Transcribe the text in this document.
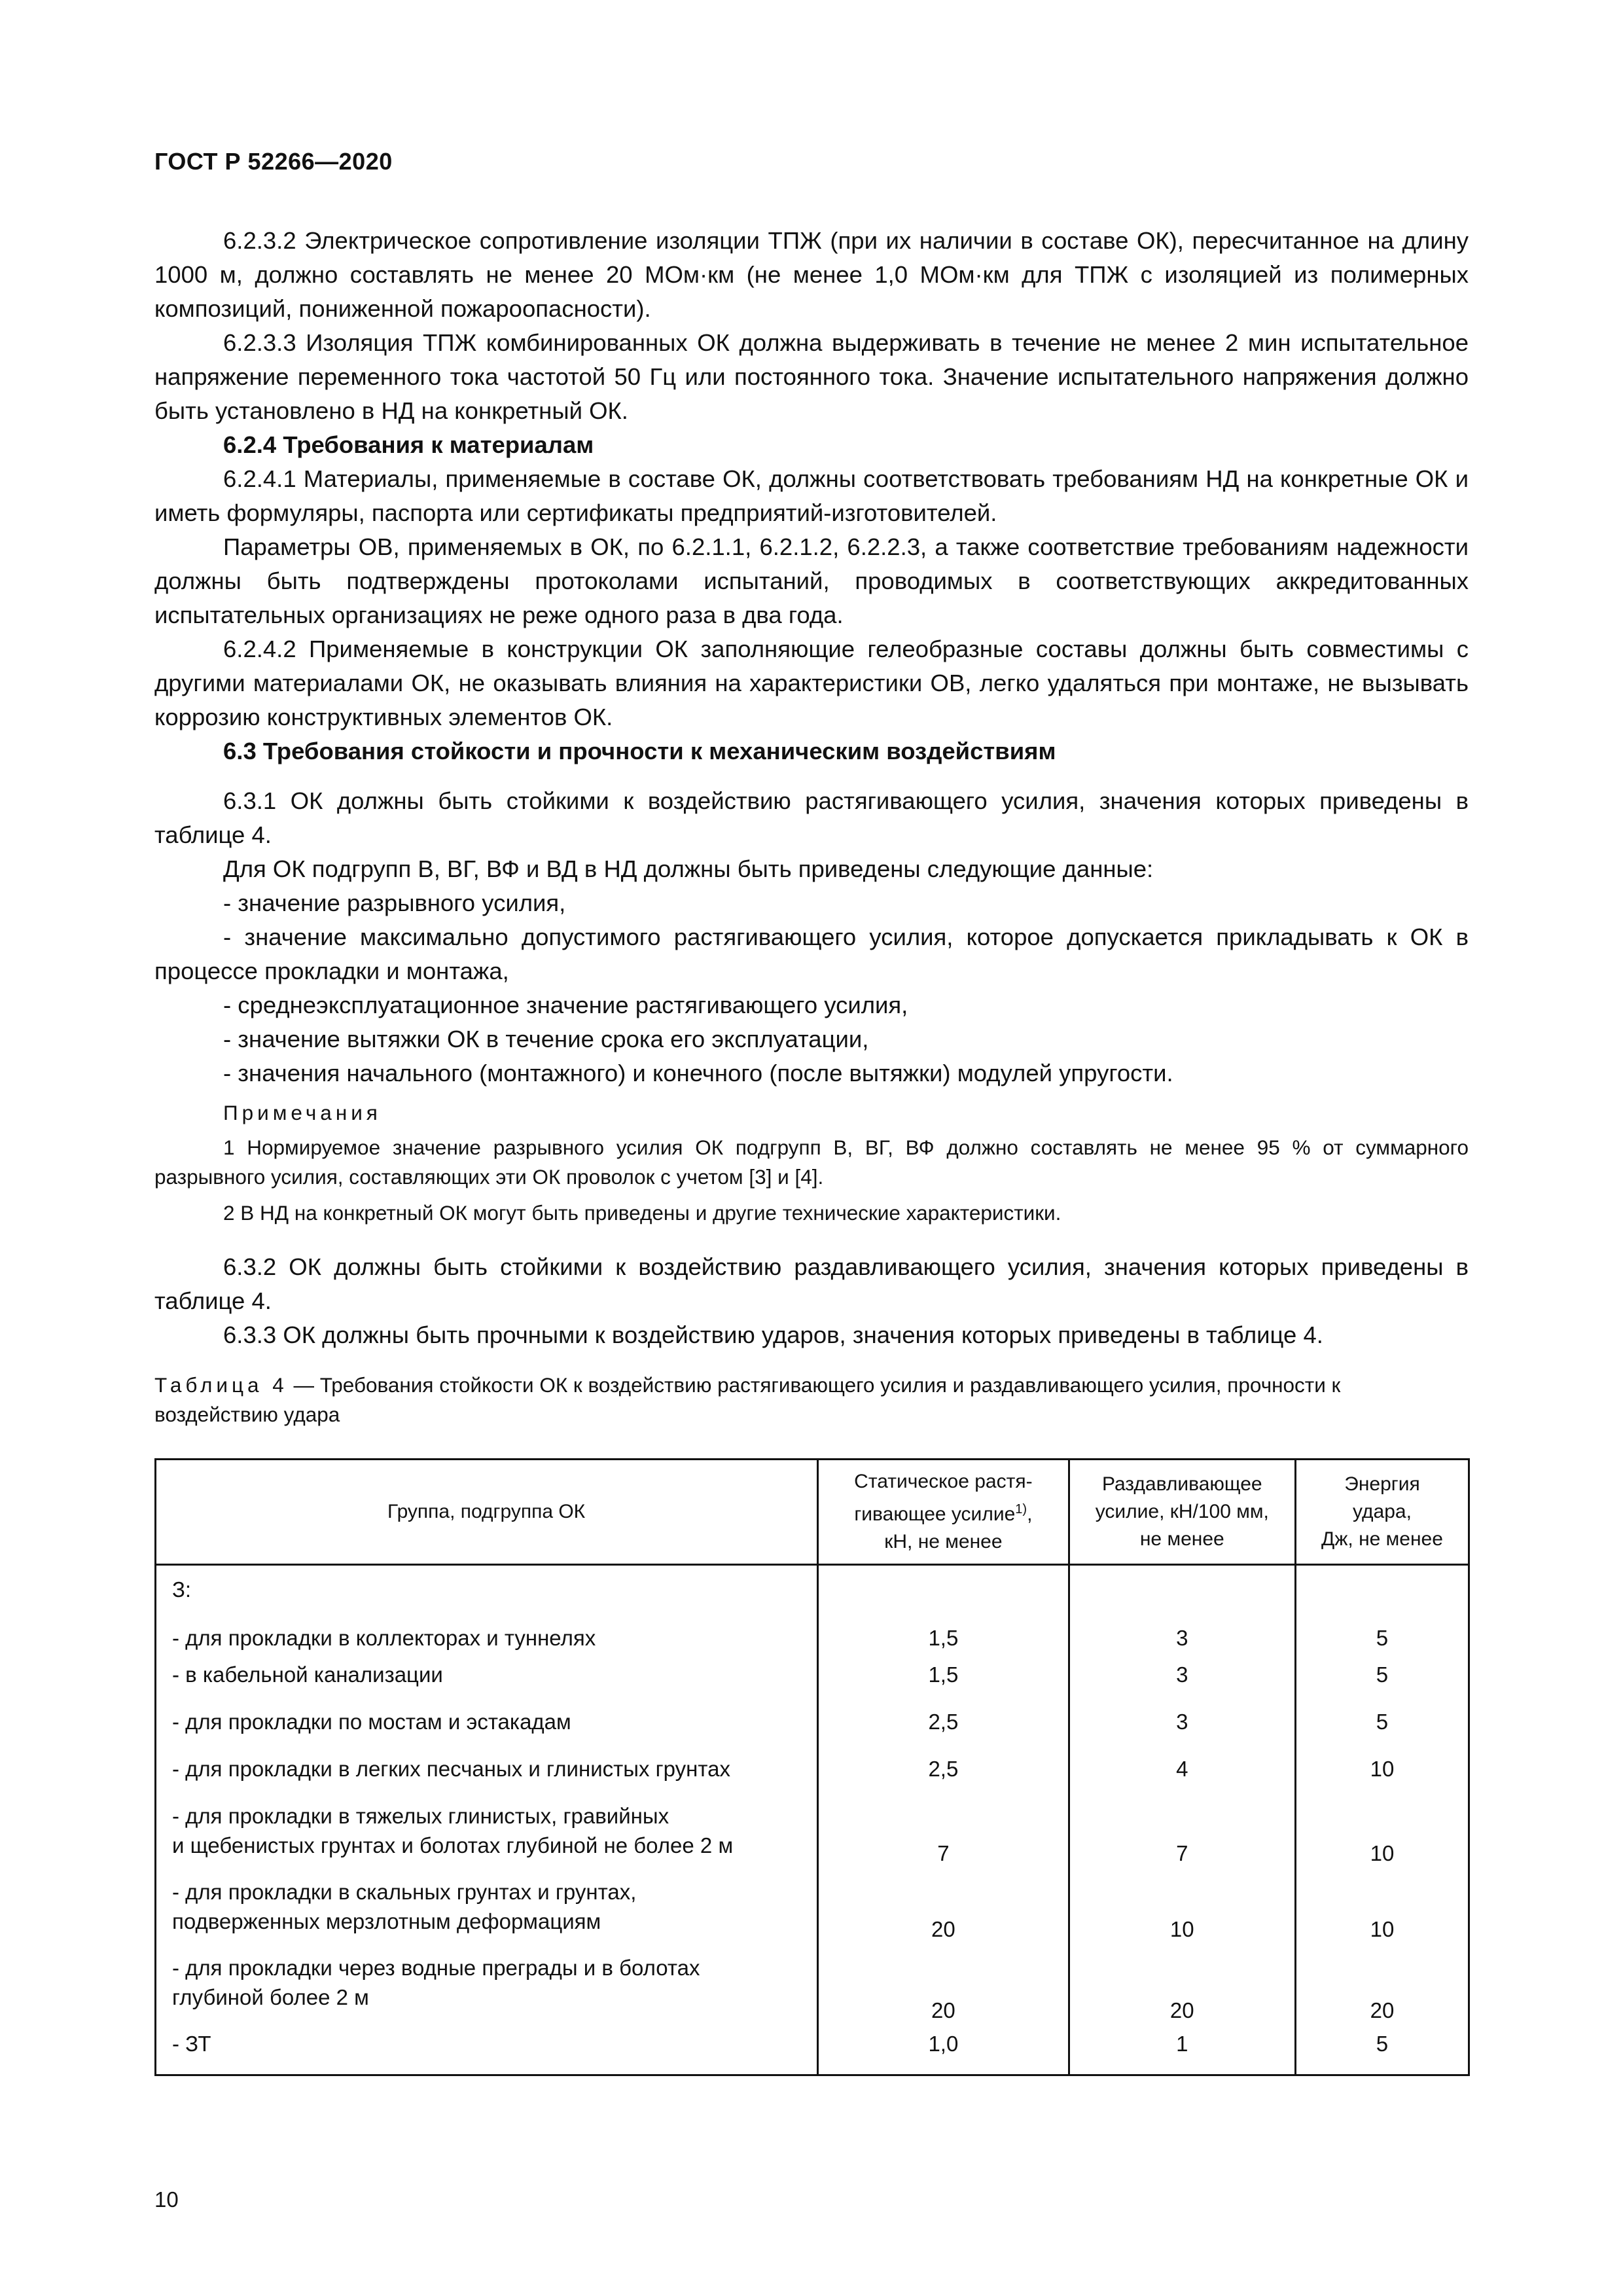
ГОСТ Р 52266—2020

6.2.3.2 Электрическое сопротивление изоляции ТПЖ (при их наличии в составе ОК), пересчитанное на длину 1000 м, должно составлять не менее 20 МОм·км (не менее 1,0 МОм·км для ТПЖ с изоляцией из полимерных композиций, пониженной пожароопасности).

6.2.3.3 Изоляция ТПЖ комбинированных ОК должна выдерживать в течение не менее 2 мин испытательное напряжение переменного тока частотой 50 Гц или постоянного тока. Значение испытательного напряжения должно быть установлено в НД на конкретный ОК.

6.2.4 Требования к материалам

6.2.4.1 Материалы, применяемые в составе ОК, должны соответствовать требованиям НД на конкретные ОК и иметь формуляры, паспорта или сертификаты предприятий-изготовителей.

Параметры ОВ, применяемых в ОК, по 6.2.1.1, 6.2.1.2, 6.2.2.3, а также соответствие требованиям надежности должны быть подтверждены протоколами испытаний, проводимых в соответствующих аккредитованных испытательных организациях не реже одного раза в два года.

6.2.4.2 Применяемые в конструкции ОК заполняющие гелеобразные составы должны быть совместимы с другими материалами ОК, не оказывать влияния на характеристики ОВ, легко удаляться при монтаже, не вызывать коррозию конструктивных элементов ОК.

6.3 Требования стойкости и прочности к механическим воздействиям

6.3.1 ОК должны быть стойкими к воздействию растягивающего усилия, значения которых приведены в таблице 4.

Для ОК подгрупп В, ВГ, ВФ и ВД в НД должны быть приведены следующие данные:

- значение разрывного усилия,

- значение максимально допустимого растягивающего усилия, которое допускается прикладывать к ОК в процессе прокладки и монтажа,

- среднеэксплуатационное значение растягивающего усилия,

- значение вытяжки ОК в течение срока его эксплуатации,

- значения начального (монтажного) и конечного (после вытяжки) модулей упругости.

Примечания

1 Нормируемое значение разрывного усилия ОК подгрупп В, ВГ, ВФ должно составлять не менее 95 % от суммарного разрывного усилия, составляющих эти ОК проволок с учетом [3] и [4].

2 В НД на конкретный ОК могут быть приведены и другие технические характеристики.

6.3.2 ОК должны быть стойкими к воздействию раздавливающего усилия, значения которых приведены в таблице 4.

6.3.3 ОК должны быть прочными к воздействию ударов, значения которых приведены в таблице 4.

Таблица 4 — Требования стойкости ОК к воздействию растягивающего усилия и раздавливающего усилия, прочности к воздействию удара
Группа, подгруппа ОК	Статическое растя-
гивающее усилие$^{1)}$,
кН, не менее	Раздавливающее
усилие, кН/100 мм,
не менее	Энергия
удара,
Дж, не менее
З:			
- для прокладки в коллекторах и туннелях	1,5	3	5
- в кабельной канализации	1,5	3	5
- для прокладки по мостам и эстакадам	2,5	3	5
- для прокладки в легких песчаных и глинистых грунтах	2,5	4	10
- для прокладки в тяжелых глинистых, гравийных
и щебенистых грунтах и болотах глубиной не более 2 м	7	7	10
- для прокладки в скальных грунтах и грунтах,
подверженных мерзлотным деформациям	20	10	10
- для прокладки через водные преграды и в болотах
глубиной более 2 м	20	20	20
- ЗТ	1,0	1	5
10
